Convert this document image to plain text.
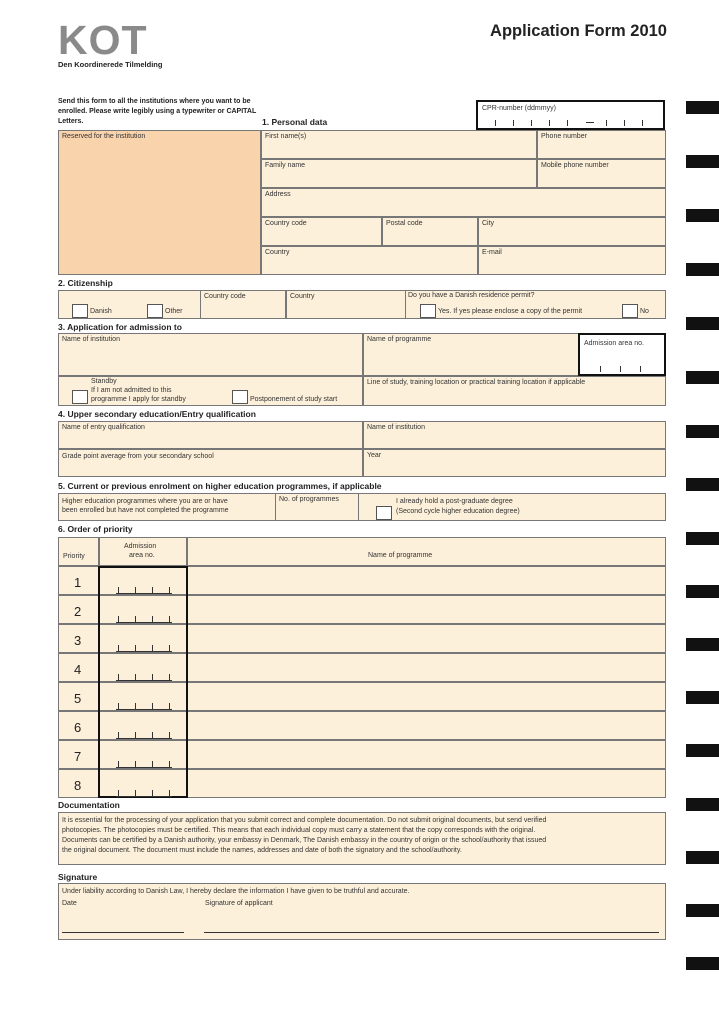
KOT
Den Koordinerede Tilmelding
Application Form 2010
Send this form to all the institutions where you want to be enrolled. Please write legibly using a typewriter or CAPITAL Letters.
CPR-number (ddmmyy)
1. Personal data
Reserved for the institution	First name(s)	Phone number
Family name	Mobile phone number
Address
Country code	Postal code	City
Country	E-mail
2. Citizenship
Danish	Other
Country code	Country	Do you have a Danish residence permit?
Yes. If yes please enclose a copy of the permit	No
3. Application for admission to
Name of institution	Name of programme
Admission area no.
Standby
If I am not admitted to this
programme I apply for standby	Postponement of study start
Line of study, training location or practical training location if applicable
4. Upper secondary education/Entry qualification
Name of entry qualification	Name of institution
Grade point average from your secondary school	Year
5. Current or previous enrolment on higher education programmes, if applicable
Higher education programmes where you are or have
been enrolled but have not completed the programme
No. of programmes	I already hold a post-graduate degree
(Second cycle higher education degree)
6. Order of priority
Priority
Admission
area no.	Name of programme
1
2
3
4
5
6
7
8
Documentation
It is essential for the processing of your application that you submit correct and complete documentation. Do not submit original documents, but send verified
photocopies. The photocopies must be certified. This means that each individual copy must carry a statement that the copy corresponds with the original.
Documents can be certified by a Danish authority, your embassy in Denmark, The Danish embassy in the country of origin or the school/authority that issued
the original document. The document must include the names, addresses and date of both the signatory and the school/authority.
Signature
Under liability according to Danish Law, I hereby declare the information I have given to be truthful and accurate.
Date	Signature of applicant
